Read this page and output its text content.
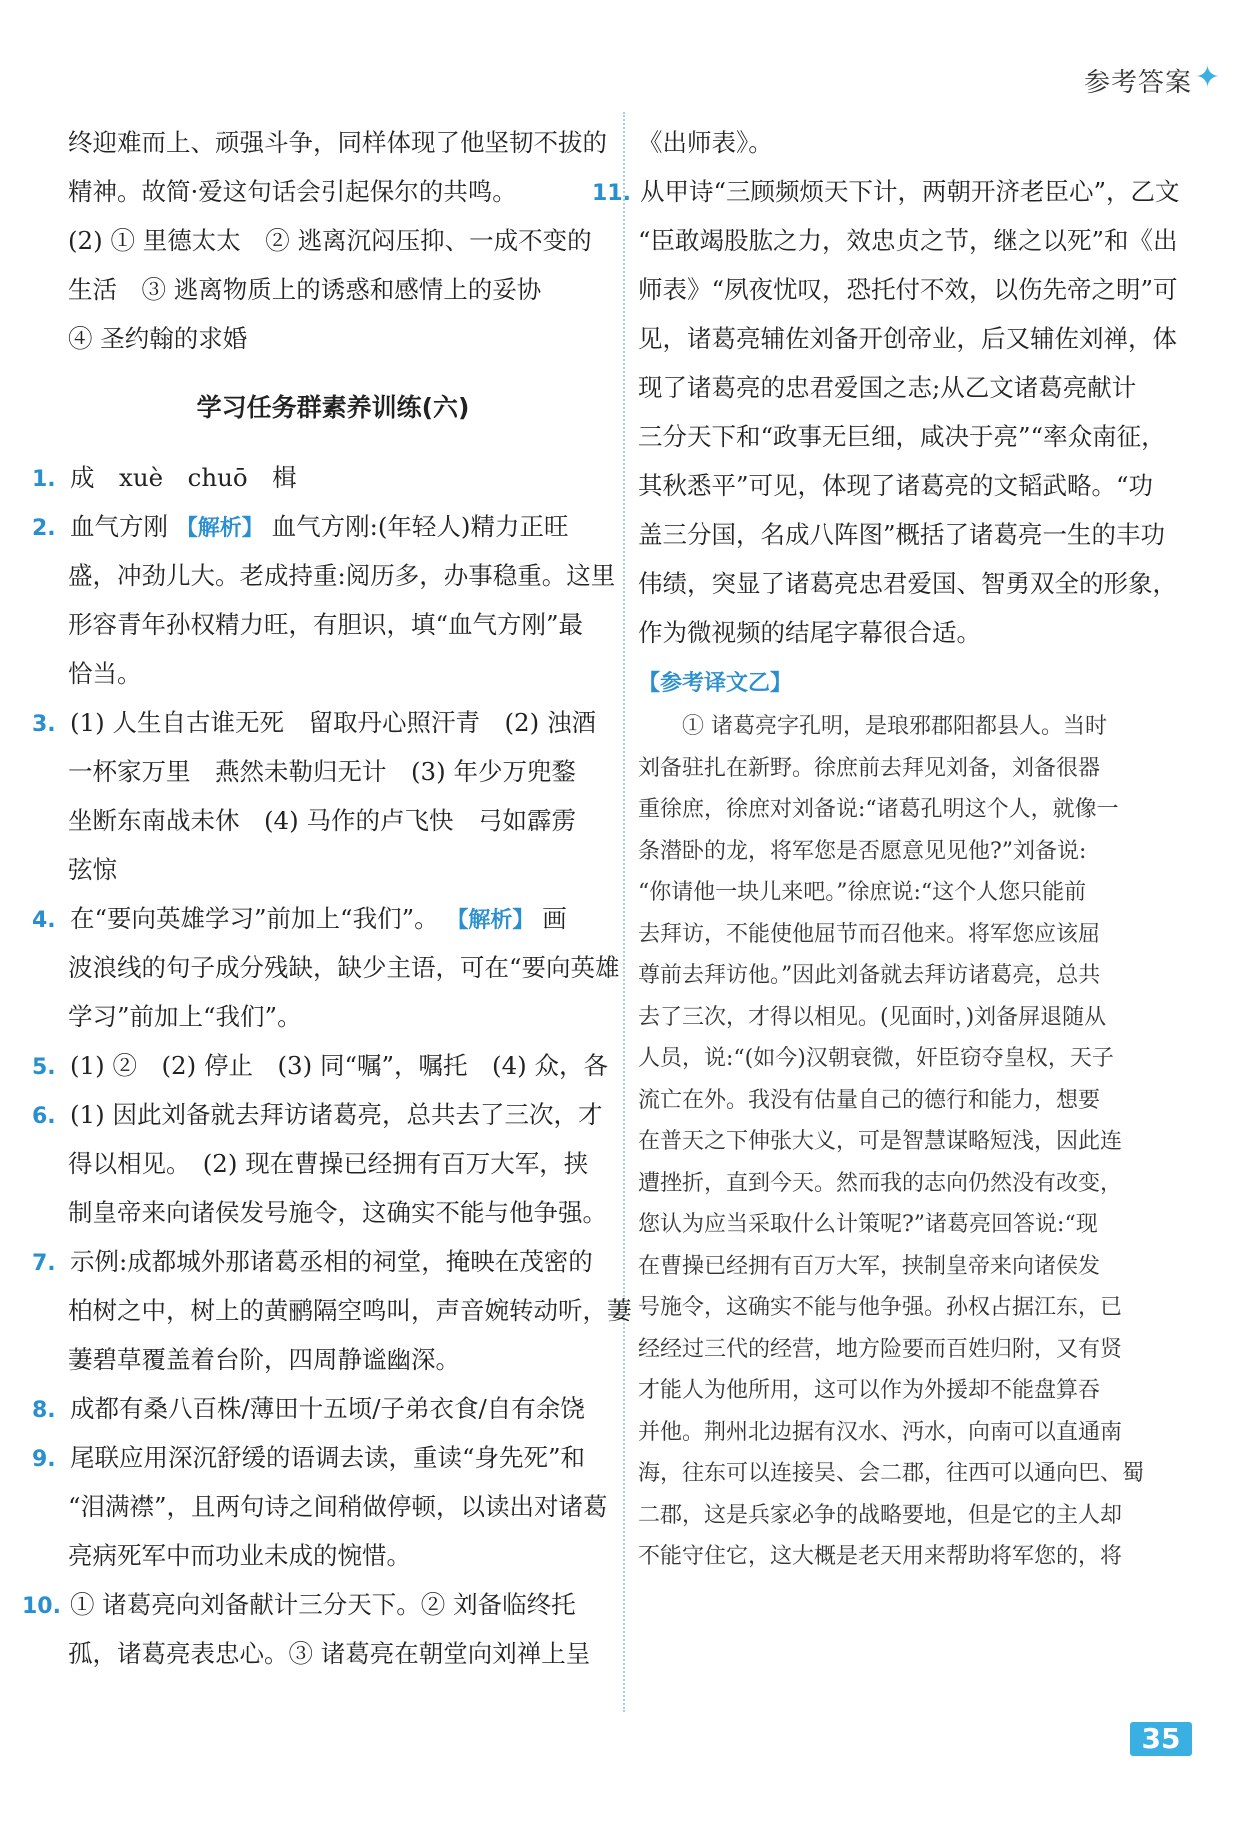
参考答案 ✦
终迎难而上、顽强斗争，同样体现了他坚韧不拔的
精神。故简·爱这句话会引起保尔的共鸣。
(2) ① 里德太太　② 逃离沉闷压抑、一成不变的
生活　③ 逃离物质上的诱惑和感情上的妥协
④ 圣约翰的求婚
学习任务群素养训练(六)
1. 成　xuè　chuō　楫
2. 血气方刚 【解析】 血气方刚:(年轻人)精力正旺
盛，冲劲儿大。老成持重:阅历多，办事稳重。这里
形容青年孙权精力旺，有胆识，填“血气方刚”最
恰当。
3. (1) 人生自古谁无死　留取丹心照汗青　(2) 浊酒
一杯家万里　燕然未勒归无计　(3) 年少万兜鍪
坐断东南战未休　(4) 马作的卢飞快　弓如霹雳
弦惊
4. 在“要向英雄学习”前加上“我们”。 【解析】 画
波浪线的句子成分残缺，缺少主语，可在“要向英雄
学习”前加上“我们”。
5. (1) ②　(2) 停止　(3) 同“嘱”，嘱托　(4) 众，各
6. (1) 因此刘备就去拜访诸葛亮，总共去了三次，才
得以相见。　(2) 现在曹操已经拥有百万大军，挟
制皇帝来向诸侯发号施令，这确实不能与他争强。
7. 示例:成都城外那诸葛丞相的祠堂，掩映在茂密的
柏树之中，树上的黄鹂隔空鸣叫，声音婉转动听，萋
萋碧草覆盖着台阶，四周静谧幽深。
8. 成都有桑八百株/薄田十五顷/子弟衣食/自有余饶
9. 尾联应用深沉舒缓的语调去读，重读“身先死”和
“泪满襟”，且两句诗之间稍做停顿，以读出对诸葛
亮病死军中而功业未成的惋惜。
10. ① 诸葛亮向刘备献计三分天下。② 刘备临终托
孤，诸葛亮表忠心。③ 诸葛亮在朝堂向刘禅上呈
《出师表》。
11. 从甲诗“三顾频烦天下计，两朝开济老臣心”，乙文
“臣敢竭股肱之力，效忠贞之节，继之以死”和《出
师表》“夙夜忧叹，恐托付不效，以伤先帝之明”可
见，诸葛亮辅佐刘备开创帝业，后又辅佐刘禅，体
现了诸葛亮的忠君爱国之志;从乙文诸葛亮献计
三分天下和“政事无巨细，咸决于亮”“率众南征，
其秋悉平”可见，体现了诸葛亮的文韬武略。“功
盖三分国，名成八阵图”概括了诸葛亮一生的丰功
伟绩，突显了诸葛亮忠君爱国、智勇双全的形象，
作为微视频的结尾字幕很合适。
【参考译文乙】
① 诸葛亮字孔明，是琅邪郡阳都县人。当时
刘备驻扎在新野。徐庶前去拜见刘备，刘备很器
重徐庶，徐庶对刘备说:“诸葛孔明这个人，就像一
条潜卧的龙，将军您是否愿意见见他?”刘备说:
“你请他一块儿来吧。”徐庶说:“这个人您只能前
去拜访，不能使他屈节而召他来。将军您应该屈
尊前去拜访他。”因此刘备就去拜访诸葛亮，总共
去了三次，才得以相见。(见面时，)刘备屏退随从
人员，说:“(如今)汉朝衰微，奸臣窃夺皇权，天子
流亡在外。我没有估量自己的德行和能力，想要
在普天之下伸张大义，可是智慧谋略短浅，因此连
遭挫折，直到今天。然而我的志向仍然没有改变，
您认为应当采取什么计策呢?”诸葛亮回答说:“现
在曹操已经拥有百万大军，挟制皇帝来向诸侯发
号施令，这确实不能与他争强。孙权占据江东，已
经经过三代的经营，地方险要而百姓归附，又有贤
才能人为他所用，这可以作为外援却不能盘算吞
并他。荆州北边据有汉水、沔水，向南可以直通南
海，往东可以连接吴、会二郡，往西可以通向巴、蜀
二郡，这是兵家必争的战略要地，但是它的主人却
不能守住它，这大概是老天用来帮助将军您的，将
35
